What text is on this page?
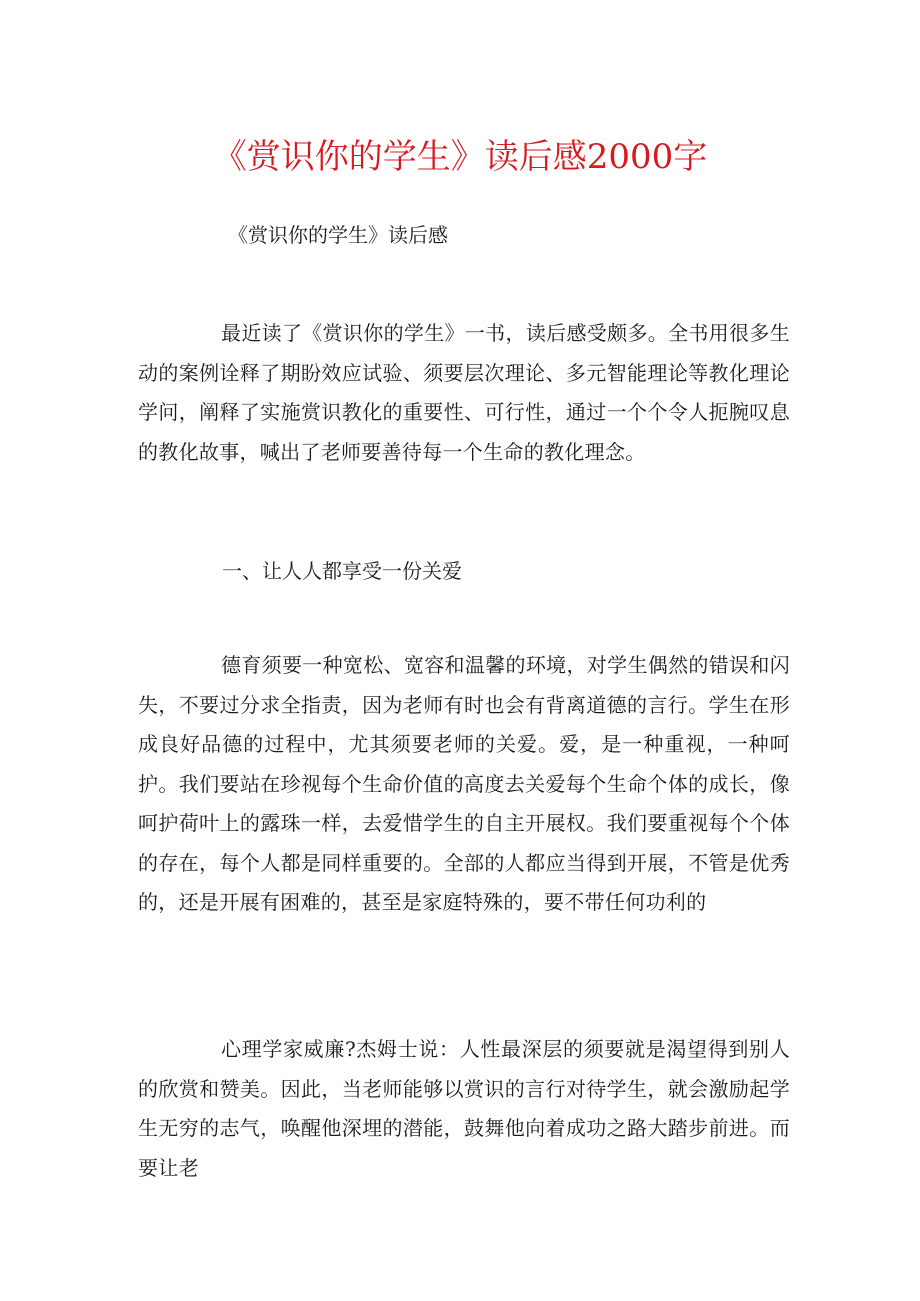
《赏识你的学生》读后感2000字
《赏识你的学生》读后感

最近读了《赏识你的学生》一书，读后感受颇多。全书用很多生动的案例诠释了期盼效应试验、须要层次理论、多元智能理论等教化理论学问，阐释了实施赏识教化的重要性、可行性，通过一个个令人扼腕叹息的教化故事，喊出了老师要善待每一个生命的教化理念。

一、让人人都享受一份关爱

德育须要一种宽松、宽容和温馨的环境，对学生偶然的错误和闪失，不要过分求全指责，因为老师有时也会有背离道德的言行。学生在形成良好品德的过程中，尤其须要老师的关爱。爱，是一种重视，一种呵护。我们要站在珍视每个生命价值的高度去关爱每个生命个体的成长，像呵护荷叶上的露珠一样，去爱惜学生的自主开展权。我们要重视每个个体的存在，每个人都是同样重要的。全部的人都应当得到开展，不管是优秀的，还是开展有困难的，甚至是家庭特殊的，要不带任何功利的

心理学家威廉?杰姆士说：人性最深层的须要就是渴望得到别人的欣赏和赞美。因此，当老师能够以赏识的言行对待学生，就会激励起学生无穷的志气，唤醒他深埋的潜能，鼓舞他向着成功之路大踏步前进。而要让老
